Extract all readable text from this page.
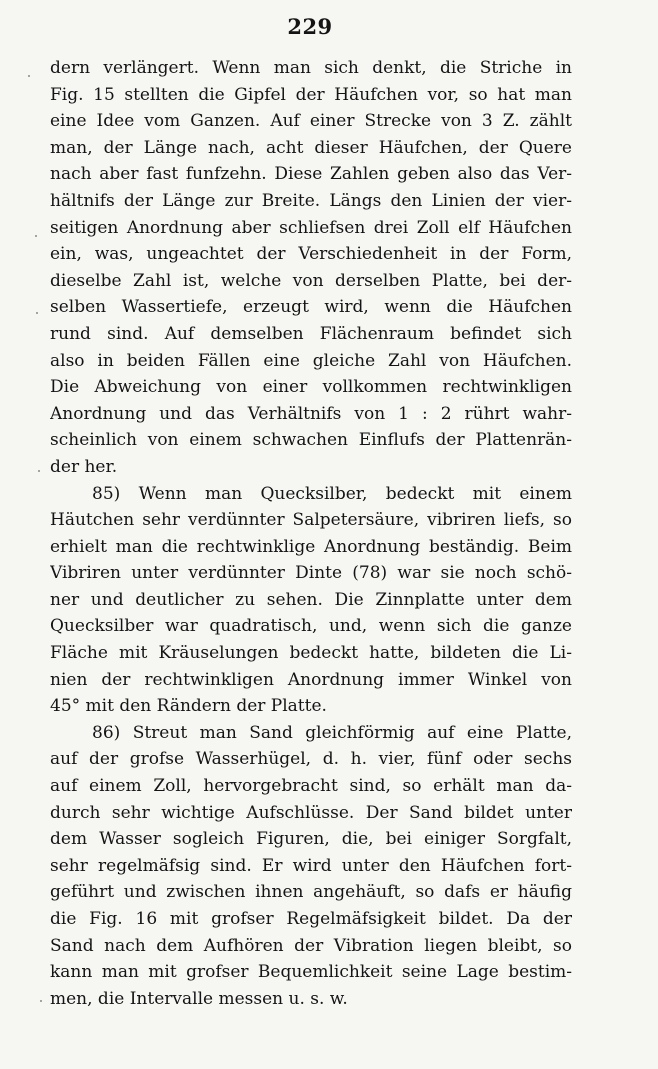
229
dern verlängert. Wenn man sich denkt, die Striche in
Fig. 15 stellten die Gipfel der Häufchen vor, so hat man
eine Idee vom Ganzen. Auf einer Strecke von 3 Z. zählt
man, der Länge nach, acht dieser Häufchen, der Quere
nach aber fast funfzehn. Diese Zahlen geben also das Ver-
hältnifs der Länge zur Breite. Längs den Linien der vier-
seitigen Anordnung aber schliefsen drei Zoll elf Häufchen
ein, was, ungeachtet der Verschiedenheit in der Form,
dieselbe Zahl ist, welche von derselben Platte, bei der-
selben Wassertiefe, erzeugt wird, wenn die Häufchen
rund sind. Auf demselben Flächenraum befindet sich
also in beiden Fällen eine gleiche Zahl von Häufchen.
Die Abweichung von einer vollkommen rechtwinkligen
Anordnung und das Verhältnifs von 1 : 2 rührt wahr-
scheinlich von einem schwachen Einflufs der Plattenrän-
der her.
85) Wenn man Quecksilber, bedeckt mit einem
Häutchen sehr verdünnter Salpetersäure, vibriren liefs, so
erhielt man die rechtwinklige Anordnung beständig. Beim
Vibriren unter verdünnter Dinte (78) war sie noch schö-
ner und deutlicher zu sehen. Die Zinnplatte unter dem
Quecksilber war quadratisch, und, wenn sich die ganze
Fläche mit Kräuselungen bedeckt hatte, bildeten die Li-
nien der rechtwinkligen Anordnung immer Winkel von
45° mit den Rändern der Platte.
86) Streut man Sand gleichförmig auf eine Platte,
auf der grofse Wasserhügel, d. h. vier, fünf oder sechs
auf einem Zoll, hervorgebracht sind, so erhält man da-
durch sehr wichtige Aufschlüsse. Der Sand bildet unter
dem Wasser sogleich Figuren, die, bei einiger Sorgfalt,
sehr regelmäfsig sind. Er wird unter den Häufchen fort-
geführt und zwischen ihnen angehäuft, so dafs er häufig
die Fig. 16 mit grofser Regelmäfsigkeit bildet. Da der
Sand nach dem Aufhören der Vibration liegen bleibt, so
kann man mit grofser Bequemlichkeit seine Lage bestim-
men, die Intervalle messen u. s. w.
